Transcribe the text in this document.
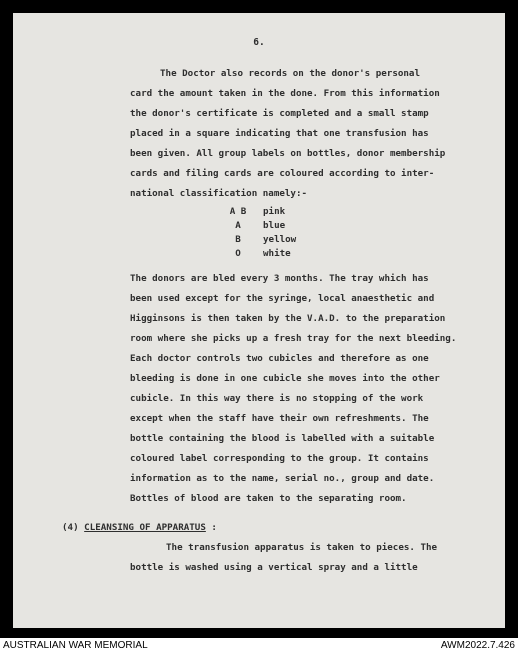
6.
The Doctor also records on the donor's personal
card the amount taken in the done. From this information
the donor's certificate is completed and a small stamp
placed in a square indicating that one transfusion has
been given. All group labels on bottles, donor membership
cards and filing cards are coloured according to inter-
national classification namely:-
A B	pink
A	blue
B	yellow
O	white
The donors are bled every 3 months. The tray which has
been used except for the syringe, local anaesthetic and
Higginsons is then taken by the V.A.D. to the preparation
room where she picks up a fresh tray for the next bleeding.
Each doctor controls two cubicles and therefore as one
bleeding is done in one cubicle she moves into the other
cubicle. In this way there is no stopping of the work
except when the staff have their own refreshments. The
bottle containing the blood is labelled with a suitable
coloured label corresponding to the group. It contains
information as to the name, serial no., group and date.
Bottles of blood are taken to the separating room.
(4) CLEANSING OF APPARATUS :
The transfusion apparatus is taken to pieces. The
bottle is washed using a vertical spray and a little
AUSTRALIAN WAR MEMORIAL	AWM2022.7.426
